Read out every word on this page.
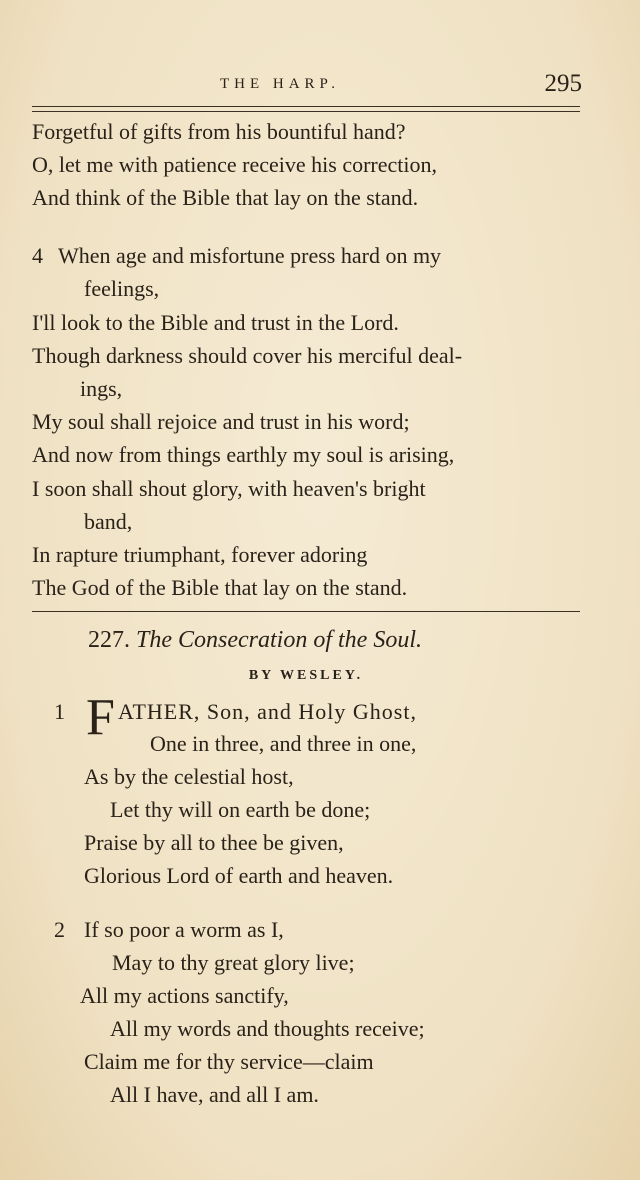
THE HARP.	295
Forgetful of gifts from his bountiful hand?
O, let me with patience receive his correction,
And think of the Bible that lay on the stand.
4 When age and misfortune press hard on my
feelings,
I'll look to the Bible and trust in the Lord.
Though darkness should cover his merciful deal-
ings,
My soul shall rejoice and trust in his word;
And now from things earthly my soul is arising,
I soon shall shout glory, with heaven's bright
band,
In rapture triumphant, forever adoring
The God of the Bible that lay on the stand.
227. The Consecration of the Soul.
BY WESLEY.
1 F ATHER, Son, and Holy Ghost,
One in three, and three in one,
As by the celestial host,
Let thy will on earth be done;
Praise by all to thee be given,
Glorious Lord of earth and heaven.
2 If so poor a worm as I,
May to thy great glory live;
All my actions sanctify,
All my words and thoughts receive;
Claim me for thy service—claim
All I have, and all I am.
